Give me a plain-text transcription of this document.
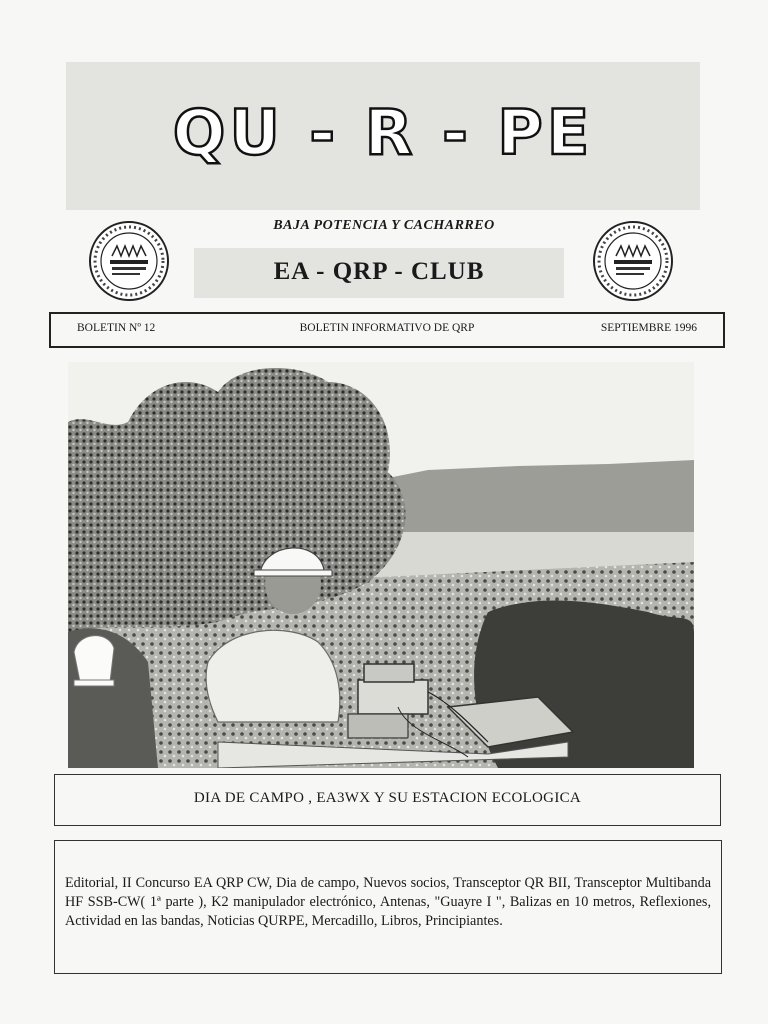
QU - R - PE
BAJA POTENCIA Y CACHARREO
EA - QRP - CLUB
BOLETIN INFORMATIVO DE QRP
BOLETIN Nº 12	SEPTIEMBRE 1996
DIA DE CAMPO , EA3WX Y SU ESTACION ECOLOGICA
Editorial, II Concurso EA QRP CW, Dia de campo, Nuevos socios, Transceptor QR BII, Transceptor Multibanda HF SSB-CW( 1ª parte ), K2 manipulador electrónico, Antenas, "Guayre I ", Balizas en 10 metros, Reflexiones, Actividad en las bandas, Noticias QURPE, Mercadillo, Libros, Principiantes.
